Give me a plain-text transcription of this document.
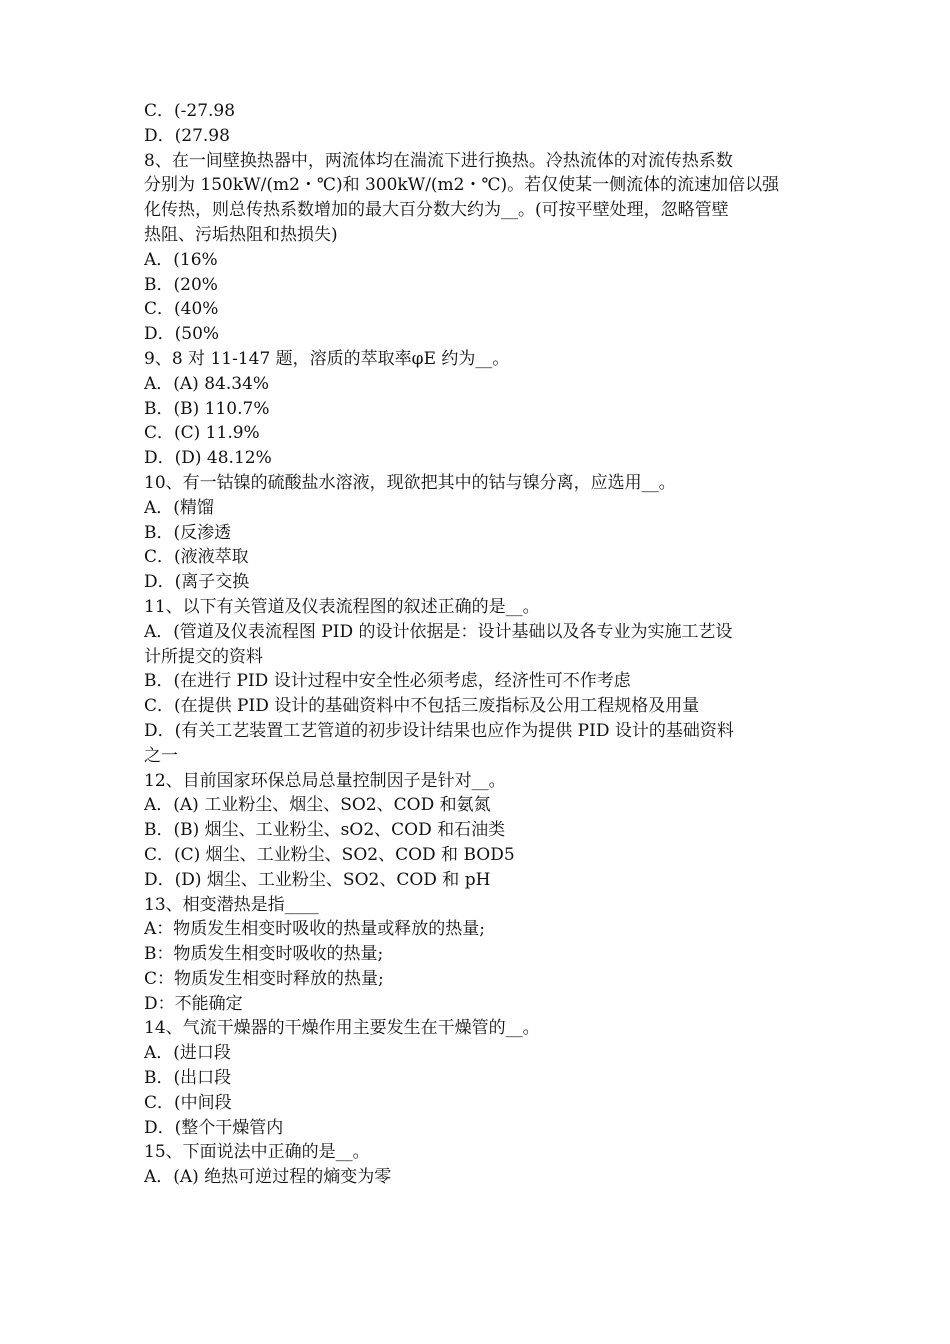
C．(-27.98
D．(27.98
8、在一间壁换热器中，两流体均在湍流下进行换热。冷热流体的对流传热系数
分别为 150kW/(m2・℃)和 300kW/(m2・℃)。若仅使某一侧流体的流速加倍以强
化传热，则总传热系数增加的最大百分数大约为__。(可按平壁处理，忽略管壁
热阻、污垢热阻和热损失)
A．(16%
B．(20%
C．(40%
D．(50%
9、8 对 11-147 题，溶质的萃取率φE 约为__。
A．(A) 84.34%
B．(B) 110.7%
C．(C) 11.9%
D．(D) 48.12%
10、有一钴镍的硫酸盐水溶液，现欲把其中的钴与镍分离，应选用__。
A．(精馏
B．(反渗透
C．(液液萃取
D．(离子交换
11、以下有关管道及仪表流程图的叙述正确的是__。
A．(管道及仪表流程图 PID 的设计依据是：设计基础以及各专业为实施工艺设
计所提交的资料
B．(在进行 PID 设计过程中安全性必须考虑，经济性可不作考虑
C．(在提供 PID 设计的基础资料中不包括三废指标及公用工程规格及用量
D．(有关工艺装置工艺管道的初步设计结果也应作为提供 PID 设计的基础资料
之一
12、目前国家环保总局总量控制因子是针对__。
A．(A) 工业粉尘、烟尘、SO2、COD 和氨氮
B．(B) 烟尘、工业粉尘、sO2、COD 和石油类
C．(C) 烟尘、工业粉尘、SO2、COD 和 BOD5
D．(D) 烟尘、工业粉尘、SO2、COD 和 pH
13、相变潜热是指____
A：物质发生相变时吸收的热量或释放的热量;
B：物质发生相变时吸收的热量;
C：物质发生相变时释放的热量;
D：不能确定
14、气流干燥器的干燥作用主要发生在干燥管的__。
A．(进口段
B．(出口段
C．(中间段
D．(整个干燥管内
15、下面说法中正确的是__。
A．(A) 绝热可逆过程的熵变为零
